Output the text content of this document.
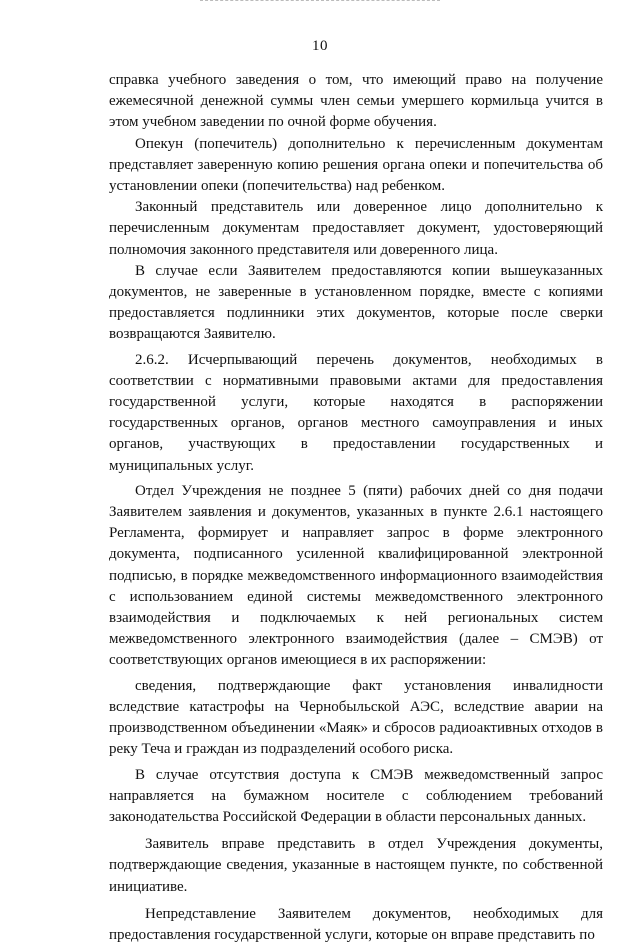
10

справка учебного заведения о том, что имеющий право на получение ежемесячной денежной суммы член семьи умершего кормильца учится в этом учебном заведении по очной форме обучения.

Опекун (попечитель) дополнительно к перечисленным документам представляет заверенную копию решения органа опеки и попечительства об установлении опеки (попечительства) над ребенком.

Законный представитель или доверенное лицо дополнительно к перечисленным документам предоставляет документ, удостоверяющий полномочия законного представителя или доверенного лица.

В случае если Заявителем предоставляются копии вышеуказанных документов, не заверенные в установленном порядке, вместе с копиями предоставляется подлинники этих документов, которые после сверки возвращаются Заявителю.

2.6.2. Исчерпывающий перечень документов, необходимых в соответствии с нормативными правовыми актами для предоставления государственной услуги, которые находятся в распоряжении государственных органов, органов местного самоуправления и иных органов, участвующих в предоставлении государственных и муниципальных услуг.

Отдел Учреждения не позднее 5 (пяти) рабочих дней со дня подачи Заявителем заявления и документов, указанных в пункте 2.6.1 настоящего Регламента, формирует и направляет запрос в форме электронного документа, подписанного усиленной квалифицированной электронной подписью, в порядке межведомственного информационного взаимодействия с использованием единой системы межведомственного электронного взаимодействия и подключаемых к ней региональных систем межведомственного электронного взаимодействия (далее – СМЭВ) от соответствующих органов имеющиеся в их распоряжении:

сведения, подтверждающие факт установления инвалидности вследствие катастрофы на Чернобыльской АЭС, вследствие аварии на производственном объединении «Маяк» и сбросов радиоактивных отходов в реку Теча и граждан из подразделений особого риска.

В случае отсутствия доступа к СМЭВ межведомственный запрос направляется на бумажном носителе с соблюдением требований законодательства Российской Федерации в области персональных данных.

Заявитель вправе представить в отдел Учреждения документы, подтверждающие сведения, указанные в настоящем пункте, по собственной инициативе.

Непредставление Заявителем документов, необходимых для предоставления государственной услуги, которые он вправе представить по
